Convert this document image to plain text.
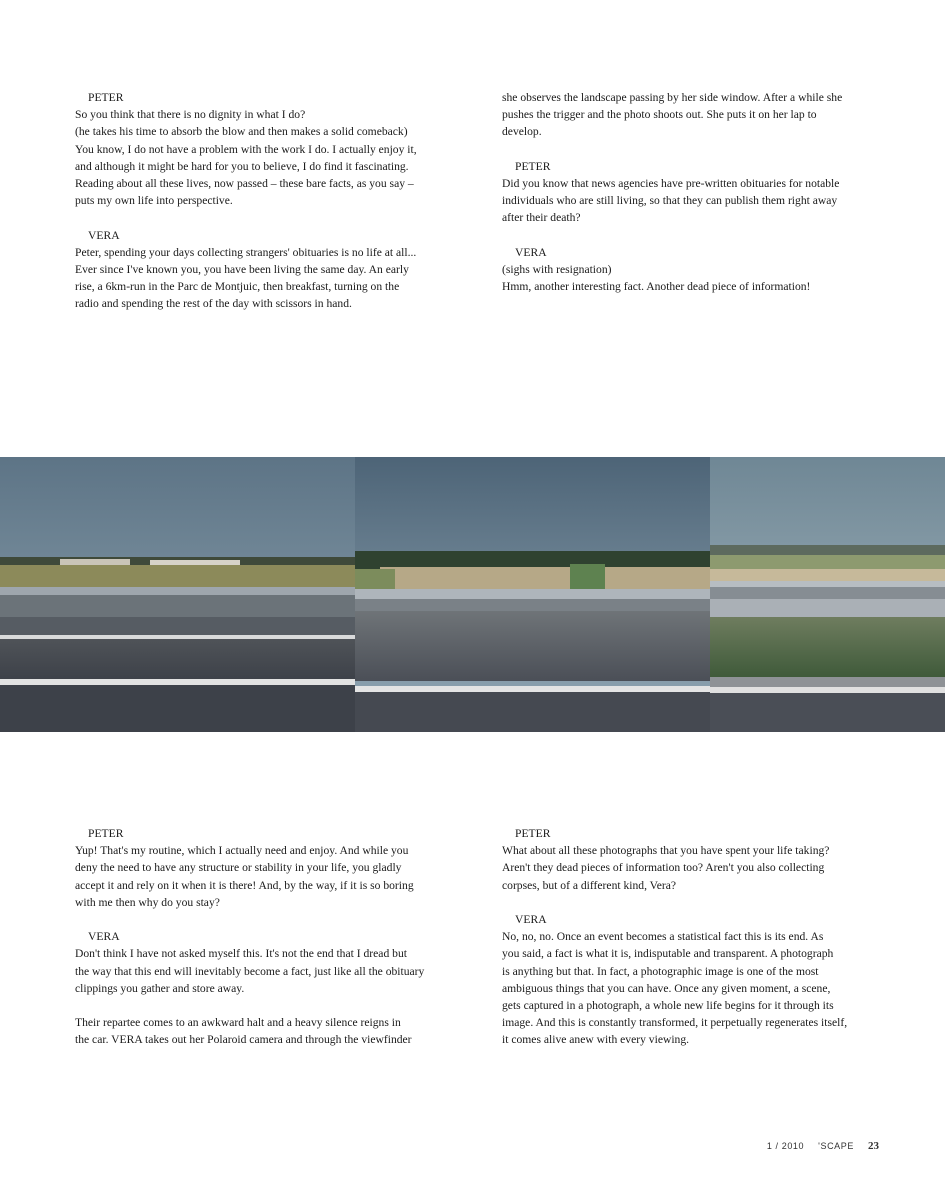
PETER

So you think that there is no dignity in what I do?

(he takes his time to absorb the blow and then makes a solid comeback)

You know, I do not have a problem with the work I do. I actually enjoy it,

and although it might be hard for you to believe, I do find it fascinating.

Reading about all these lives, now passed – these bare facts, as you say –

puts my own life into perspective.

VERA

Peter, spending your days collecting strangers' obituaries is no life at all...

Ever since I've known you, you have been living the same day. An early

rise, a 6km-run in the Parc de Montjuic, then breakfast, turning on the

radio and spending the rest of the day with scissors in hand.

she observes the landscape passing by her side window. After a while she

pushes the trigger and the photo shoots out. She puts it on her lap to

develop.

PETER

Did you know that news agencies have pre-written obituaries for notable

individuals who are still living, so that they can publish them right away

after their death?

VERA

(sighs with resignation)

Hmm, another interesting fact. Another dead piece of information!

PETER

Yup! That's my routine, which I actually need and enjoy. And while you

deny the need to have any structure or stability in your life, you gladly

accept it and rely on it when it is there! And, by the way, if it is so boring

with me then why do you stay?

VERA

Don't think I have not asked myself this. It's not the end that I dread but

the way that this end will inevitably become a fact, just like all the obituary

clippings you gather and store away.

Their repartee comes to an awkward halt and a heavy silence reigns in

the car. VERA takes out her Polaroid camera and through the viewfinder

PETER

What about all these photographs that you have spent your life taking?

Aren't they dead pieces of information too? Aren't you also collecting

corpses, but of a different kind, Vera?

VERA

No, no, no. Once an event becomes a statistical fact this is its end. As

you said, a fact is what it is, indisputable and transparent. A photograph

is anything but that. In fact, a photographic image is one of the most

ambiguous things that you can have. Once any given moment, a scene,

gets captured in a photograph, a whole new life begins for it through its

image. And this is constantly transformed, it perpetually regenerates itself,

it comes alive anew with every viewing.

1 / 2010 'SCAPE 23
